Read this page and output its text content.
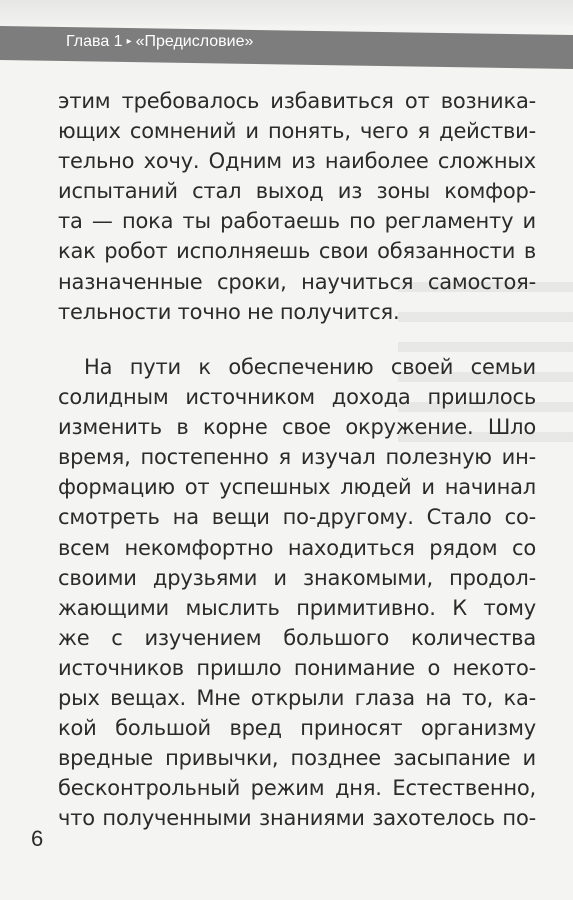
Глава 1 ▸ «Предисловие»
этим требовалось избавиться от возника-
ющих сомнений и понять, чего я действи-
тельно хочу. Одним из наиболее сложных
испытаний стал выход из зоны комфор-
та — пока ты работаешь по регламенту и
как робот исполняешь свои обязанности в
назначенные сроки, научиться самостоя-
тельности точно не получится.
На пути к обеспечению своей семьи
солидным источником дохода пришлось
изменить в корне свое окружение. Шло
время, постепенно я изучал полезную ин-
формацию от успешных людей и начинал
смотреть на вещи по-другому. Стало со-
всем некомфортно находиться рядом со
своими друзьями и знакомыми, продол-
жающими мыслить примитивно. К тому
же с изучением большого количества
источников пришло понимание о некото-
рых вещах. Мне открыли глаза на то, ка-
кой большой вред приносят организму
вредные привычки, позднее засыпание и
бесконтрольный режим дня. Естественно,
что полученными знаниями захотелось по-
6
